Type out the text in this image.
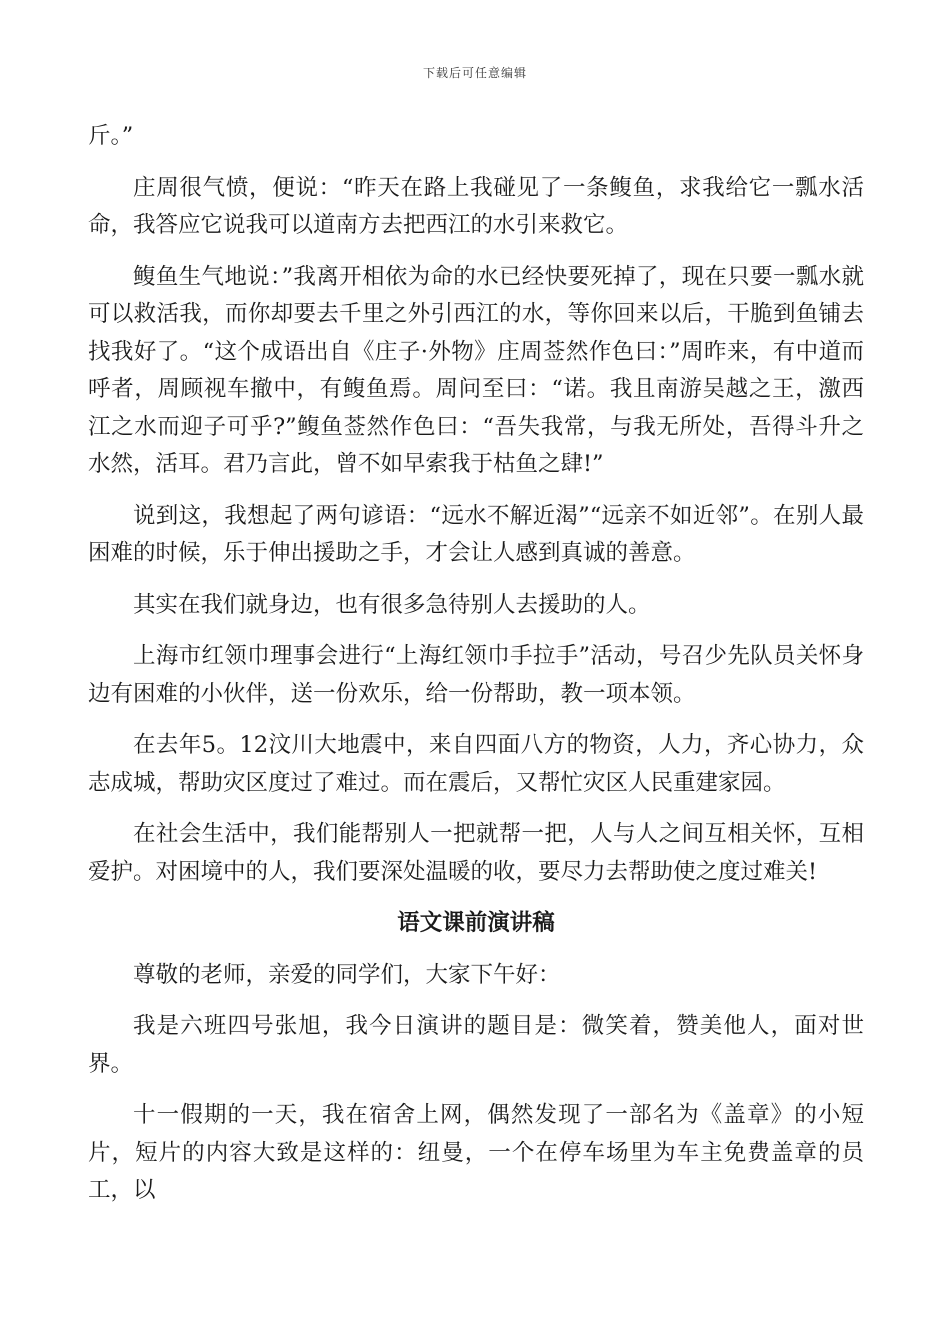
下载后可任意编辑

斤。”

庄周很气愤，便说：“昨天在路上我碰见了一条鳆鱼，求我给它一瓢水活命，我答应它说我可以道南方去把西江的水引来救它。

鳆鱼生气地说：”我离开相依为命的水已经快要死掉了，现在只要一瓢水就可以救活我，而你却要去千里之外引西江的水，等你回来以后，干脆到鱼铺去找我好了。“这个成语出自《庄子·外物》庄周莶然作色曰：”周昨来，有中道而呼者，周顾视车撤中，有鳆鱼焉。周问至曰：“诺。我且南游吴越之王，激西江之水而迎子可乎?”鳆鱼莶然作色曰：“吾失我常，与我无所处，吾得斗升之水然，活耳。君乃言此，曾不如早索我于枯鱼之肆!”

说到这，我想起了两句谚语：“远水不解近渴”“远亲不如近邻”。在别人最困难的时候，乐于伸出援助之手，才会让人感到真诚的善意。

其实在我们就身边，也有很多急待别人去援助的人。

上海市红领巾理事会进行“上海红领巾手拉手”活动，号召少先队员关怀身边有困难的小伙伴，送一份欢乐，给一份帮助，教一项本领。

在去年5。12汶川大地震中，来自四面八方的物资，人力，齐心协力，众志成城，帮助灾区度过了难过。而在震后，又帮忙灾区人民重建家园。

在社会生活中，我们能帮别人一把就帮一把，人与人之间互相关怀，互相爱护。对困境中的人，我们要深处温暖的收，要尽力去帮助使之度过难关!

语文课前演讲稿

尊敬的老师，亲爱的同学们，大家下午好：

我是六班四号张旭，我今日演讲的题目是：微笑着，赞美他人，面对世界。

十一假期的一天，我在宿舍上网，偶然发现了一部名为《盖章》的小短片，短片的内容大致是这样的：纽曼，一个在停车场里为车主免费盖章的员工，以
